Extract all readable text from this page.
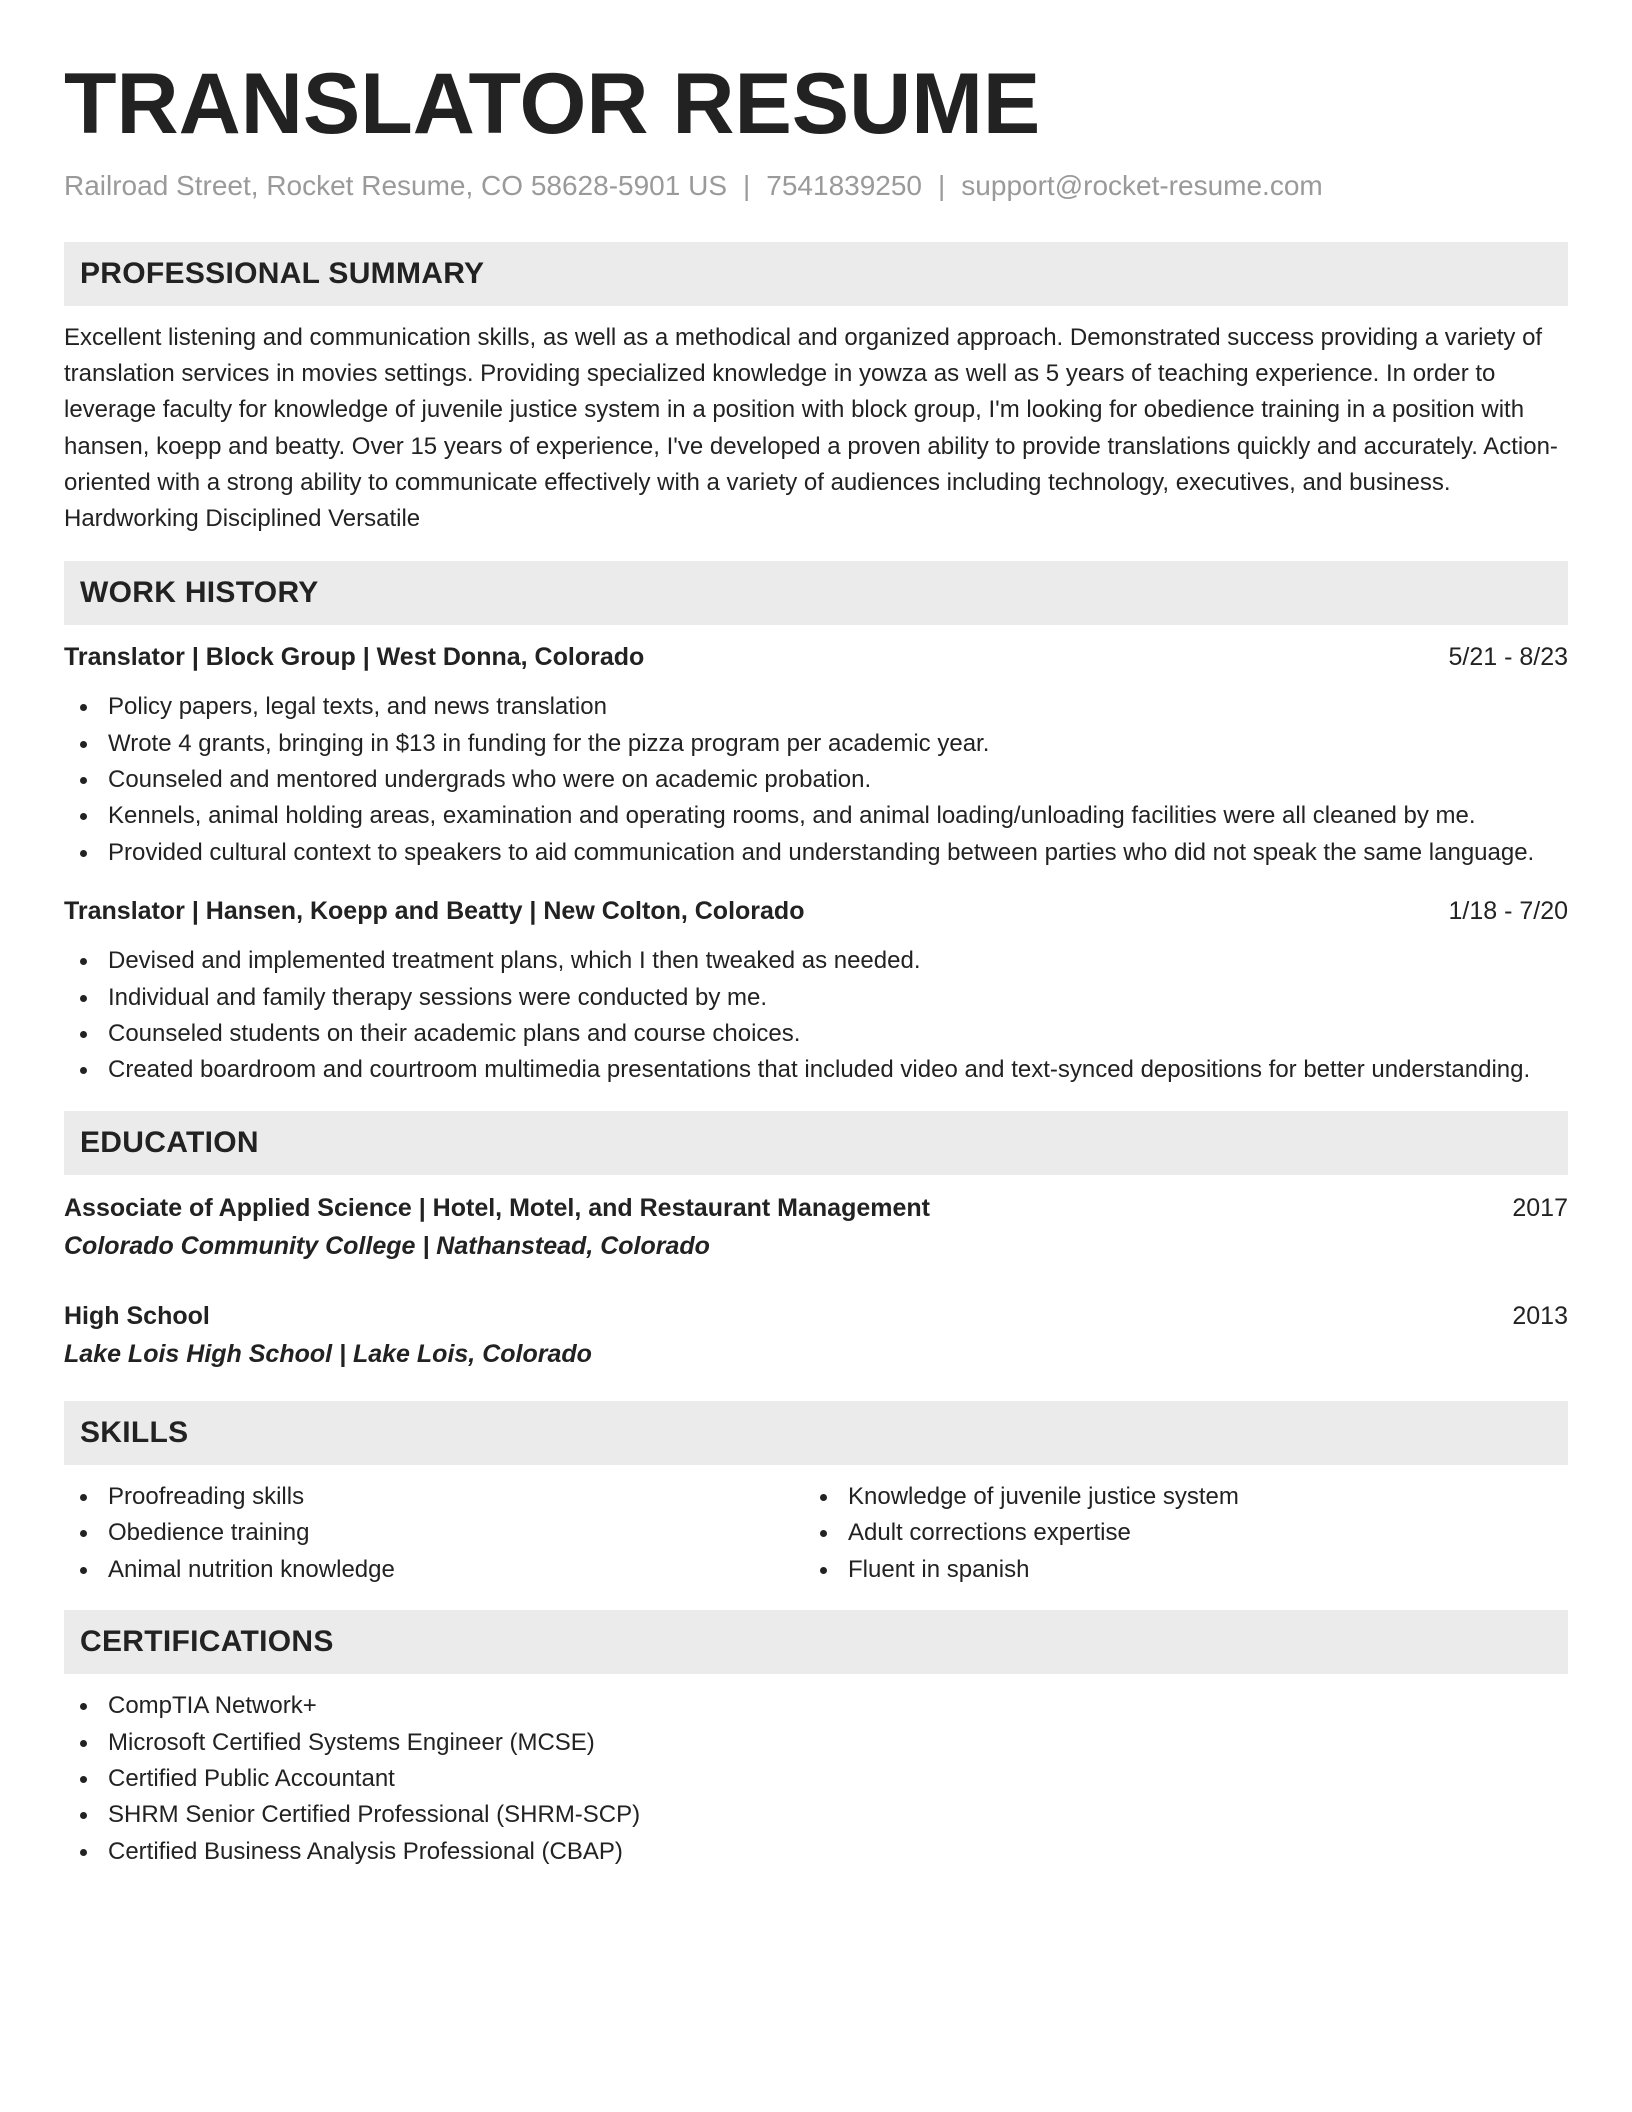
TRANSLATOR RESUME
Railroad Street, Rocket Resume, CO 58628-5901 US | 7541839250 | support@rocket-resume.com
PROFESSIONAL SUMMARY

Excellent listening and communication skills, as well as a methodical and organized approach. Demonstrated success providing a variety of translation services in movies settings. Providing specialized knowledge in yowza as well as 5 years of teaching experience. In order to leverage faculty for knowledge of juvenile justice system in a position with block group, I'm looking for obedience training in a position with hansen, koepp and beatty. Over 15 years of experience, I've developed a proven ability to provide translations quickly and accurately. Action-oriented with a strong ability to communicate effectively with a variety of audiences including technology, executives, and business. Hardworking Disciplined Versatile

WORK HISTORY
Translator | Block Group | West Donna, Colorado	5/21 - 8/23
Policy papers, legal texts, and news translation
Wrote 4 grants, bringing in $13 in funding for the pizza program per academic year.
Counseled and mentored undergrads who were on academic probation.
Kennels, animal holding areas, examination and operating rooms, and animal loading/unloading facilities were all cleaned by me.
Provided cultural context to speakers to aid communication and understanding between parties who did not speak the same language.
Translator | Hansen, Koepp and Beatty | New Colton, Colorado	1/18 - 7/20
Devised and implemented treatment plans, which I then tweaked as needed.
Individual and family therapy sessions were conducted by me.
Counseled students on their academic plans and course choices.
Created boardroom and courtroom multimedia presentations that included video and text-synced depositions for better understanding.
EDUCATION
Associate of Applied Science | Hotel, Motel, and Restaurant Management	2017
Colorado Community College | Nathanstead, Colorado
High School	2013
Lake Lois High School | Lake Lois, Colorado
SKILLS
Proofreading skills
Obedience training
Animal nutrition knowledge
Knowledge of juvenile justice system
Adult corrections expertise
Fluent in spanish
CERTIFICATIONS
CompTIA Network+
Microsoft Certified Systems Engineer (MCSE)
Certified Public Accountant
SHRM Senior Certified Professional (SHRM-SCP)
Certified Business Analysis Professional (CBAP)
